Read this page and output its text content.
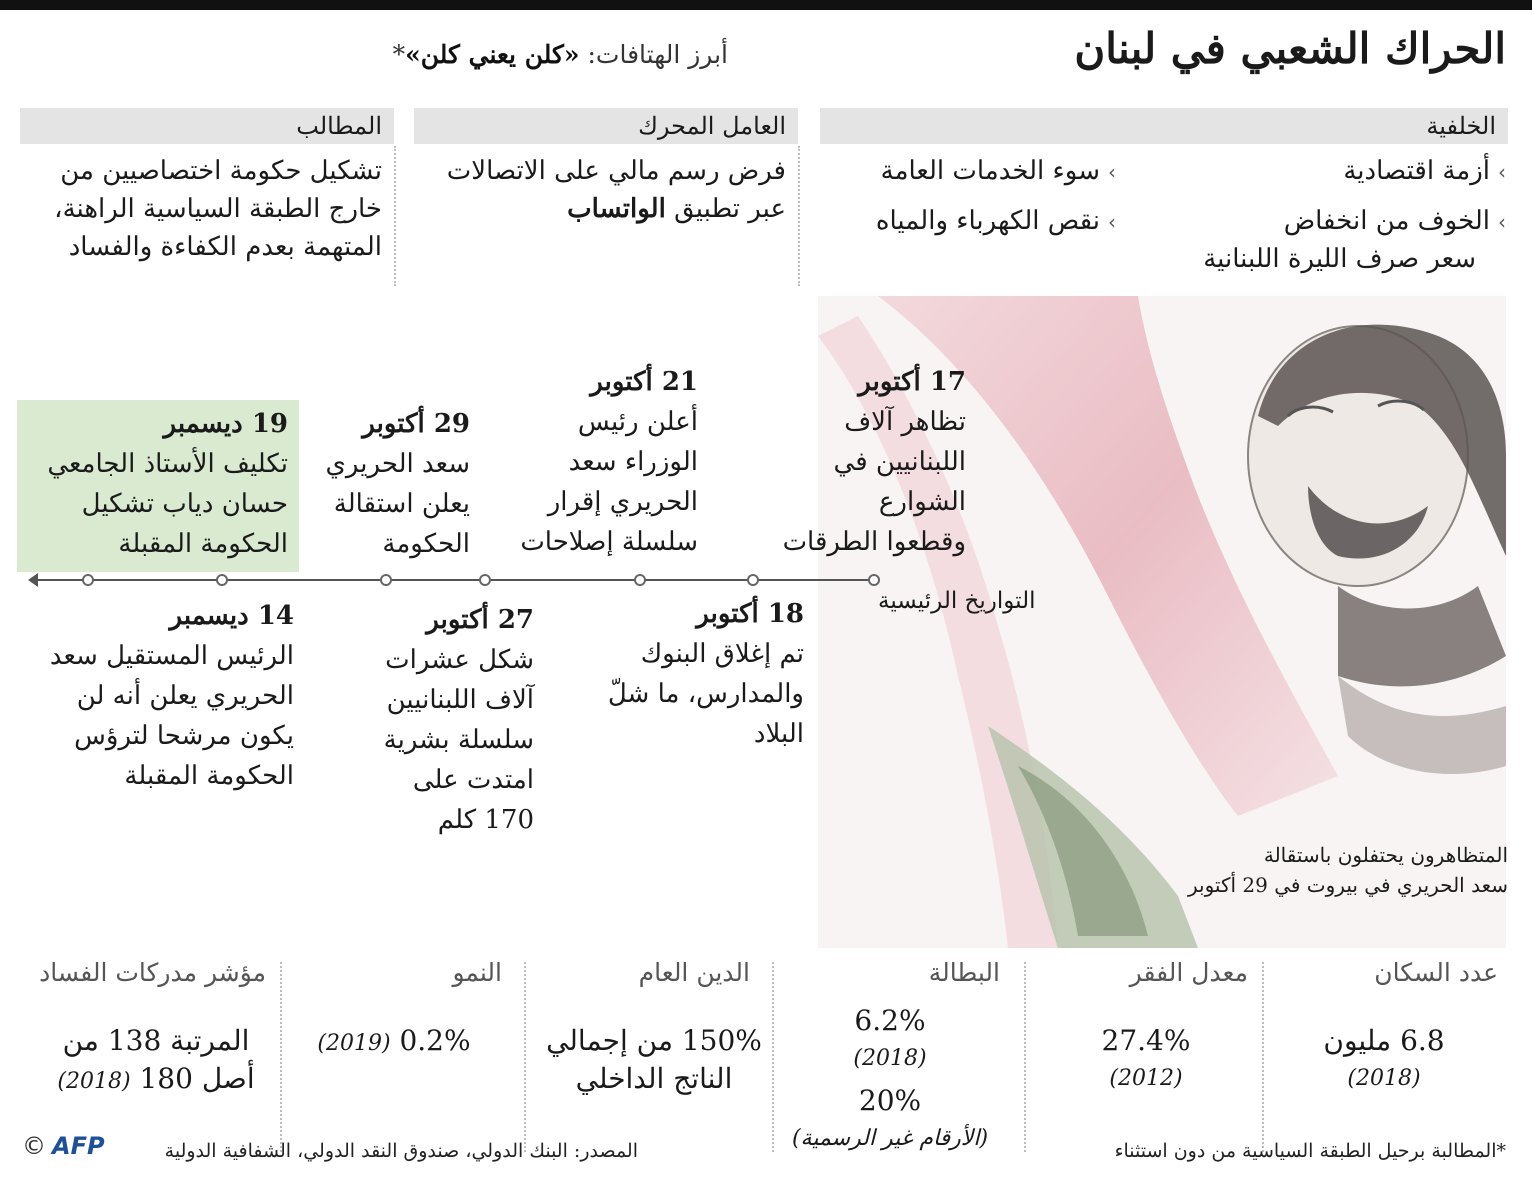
الحراك الشعبي في لبنان
أبرز الهتافات: «كلن يعني كلن»*
الخلفية
العامل المحرك
المطالب
›أزمة اقتصادية
›سوء الخدمات العامة
›الخوف من انخفاض
سعر صرف الليرة اللبنانية
›نقص الكهرباء والمياه
فرض رسم مالي على الاتصالات
عبر تطبيق الواتساب
تشكيل حكومة اختصاصيين من
خارج الطبقة السياسية الراهنة،
المتهمة بعدم الكفاءة والفساد
المتظاهرون يحتفلون باستقالة
سعد الحريري في بيروت في 29 أكتوبر
17 أكتوبر
تظاهر آلاف
اللبنانيين في
الشوارع
وقطعوا الطرقات
21 أكتوبر
أعلن رئيس
الوزراء سعد
الحريري إقرار
سلسلة إصلاحات
29 أكتوبر
سعد الحريري
يعلن استقالة
الحكومة
19 ديسمبر
تكليف الأستاذ الجامعي
حسان دياب تشكيل
الحكومة المقبلة
التواريخ الرئيسية
18 أكتوبر
تم إغلاق البنوك
والمدارس، ما شلّ
البلاد
27 أكتوبر
شكل عشرات
آلاف اللبنانيين
سلسلة بشرية
امتدت على
170 كلم
14 ديسمبر
الرئيس المستقيل سعد
الحريري يعلن أنه لن
يكون مرشحا لترؤس
الحكومة المقبلة
عدد السكان
6.8 مليون
(2018)
معدل الفقر
27.4%
(2012)
البطالة
6.2%
(2018)
20%
(الأرقام غير الرسمية)
الدين العام
150% من إجمالي
الناتج الداخلي
النمو
(2019) 0.2%
مؤشر مدركات الفساد
المرتبة 138 من
أصل 180 (2018)
*المطالبة برحيل الطبقة السياسية من دون استثناء
المصدر: البنك الدولي، صندوق النقد الدولي، الشفافية الدولية
© AFP
